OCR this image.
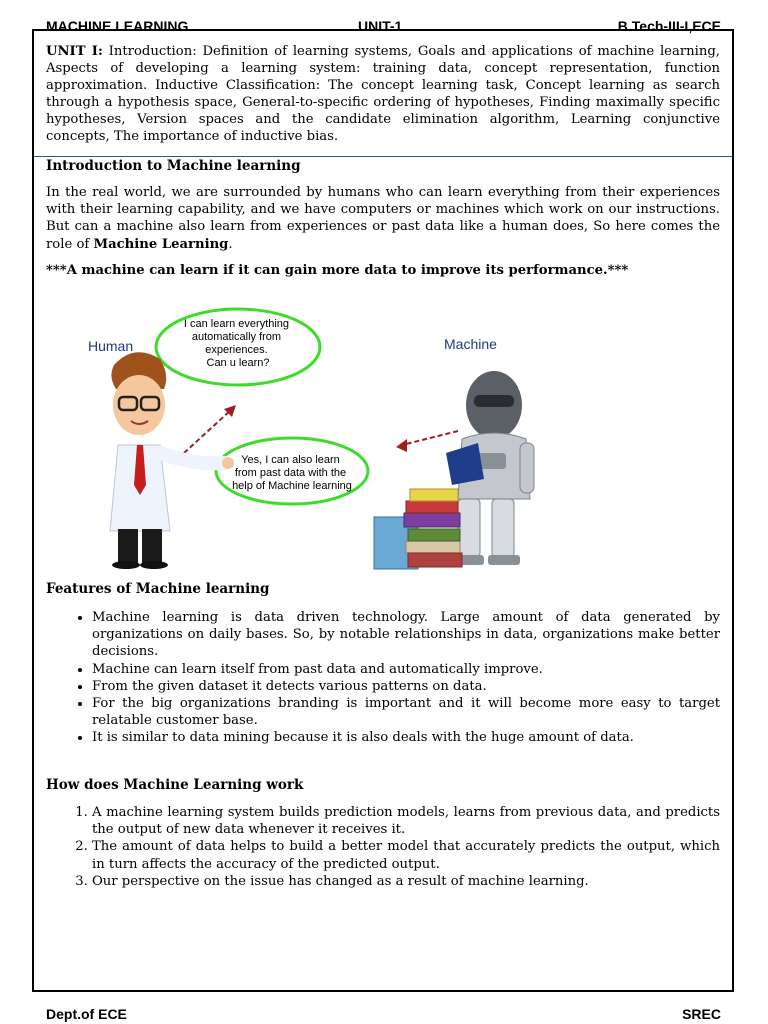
MACHINE LEARNING	UNIT-1	B.Tech-III-I,ECE
UNIT I: Introduction: Definition of learning systems, Goals and applications of machine learning, Aspects of developing a learning system: training data, concept representation, function approximation. Inductive Classification: The concept learning task, Concept learning as search through a hypothesis space, General-to-specific ordering of hypotheses, Finding maximally specific hypotheses, Version spaces and the candidate elimination algorithm, Learning conjunctive concepts, The importance of inductive bias.
Introduction to Machine learning
In the real world, we are surrounded by humans who can learn everything from their experiences with their learning capability, and we have computers or machines which work on our instructions. But can a machine also learn from experiences or past data like a human does, So here comes the role of Machine Learning.
***A machine can learn if it can gain more data to improve its performance.***
Human	Machine
I can learn everything automatically from experiences. Can u learn?
Yes, I can also learn from past data with the help of Machine learning
Features of Machine learning
• Machine learning is data driven technology. Large amount of data generated by organizations on daily bases. So, by notable relationships in data, organizations make better decisions.
• Machine can learn itself from past data and automatically improve.
• From the given dataset it detects various patterns on data.
• For the big organizations branding is important and it will become more easy to target relatable customer base.
• It is similar to data mining because it is also deals with the huge amount of data.
How does Machine Learning work
1. A machine learning system builds prediction models, learns from previous data, and predicts the output of new data whenever it receives it.
2. The amount of data helps to build a better model that accurately predicts the output, which in turn affects the accuracy of the predicted output.
3. Our perspective on the issue has changed as a result of machine learning.
Dept.of ECE	SREC
